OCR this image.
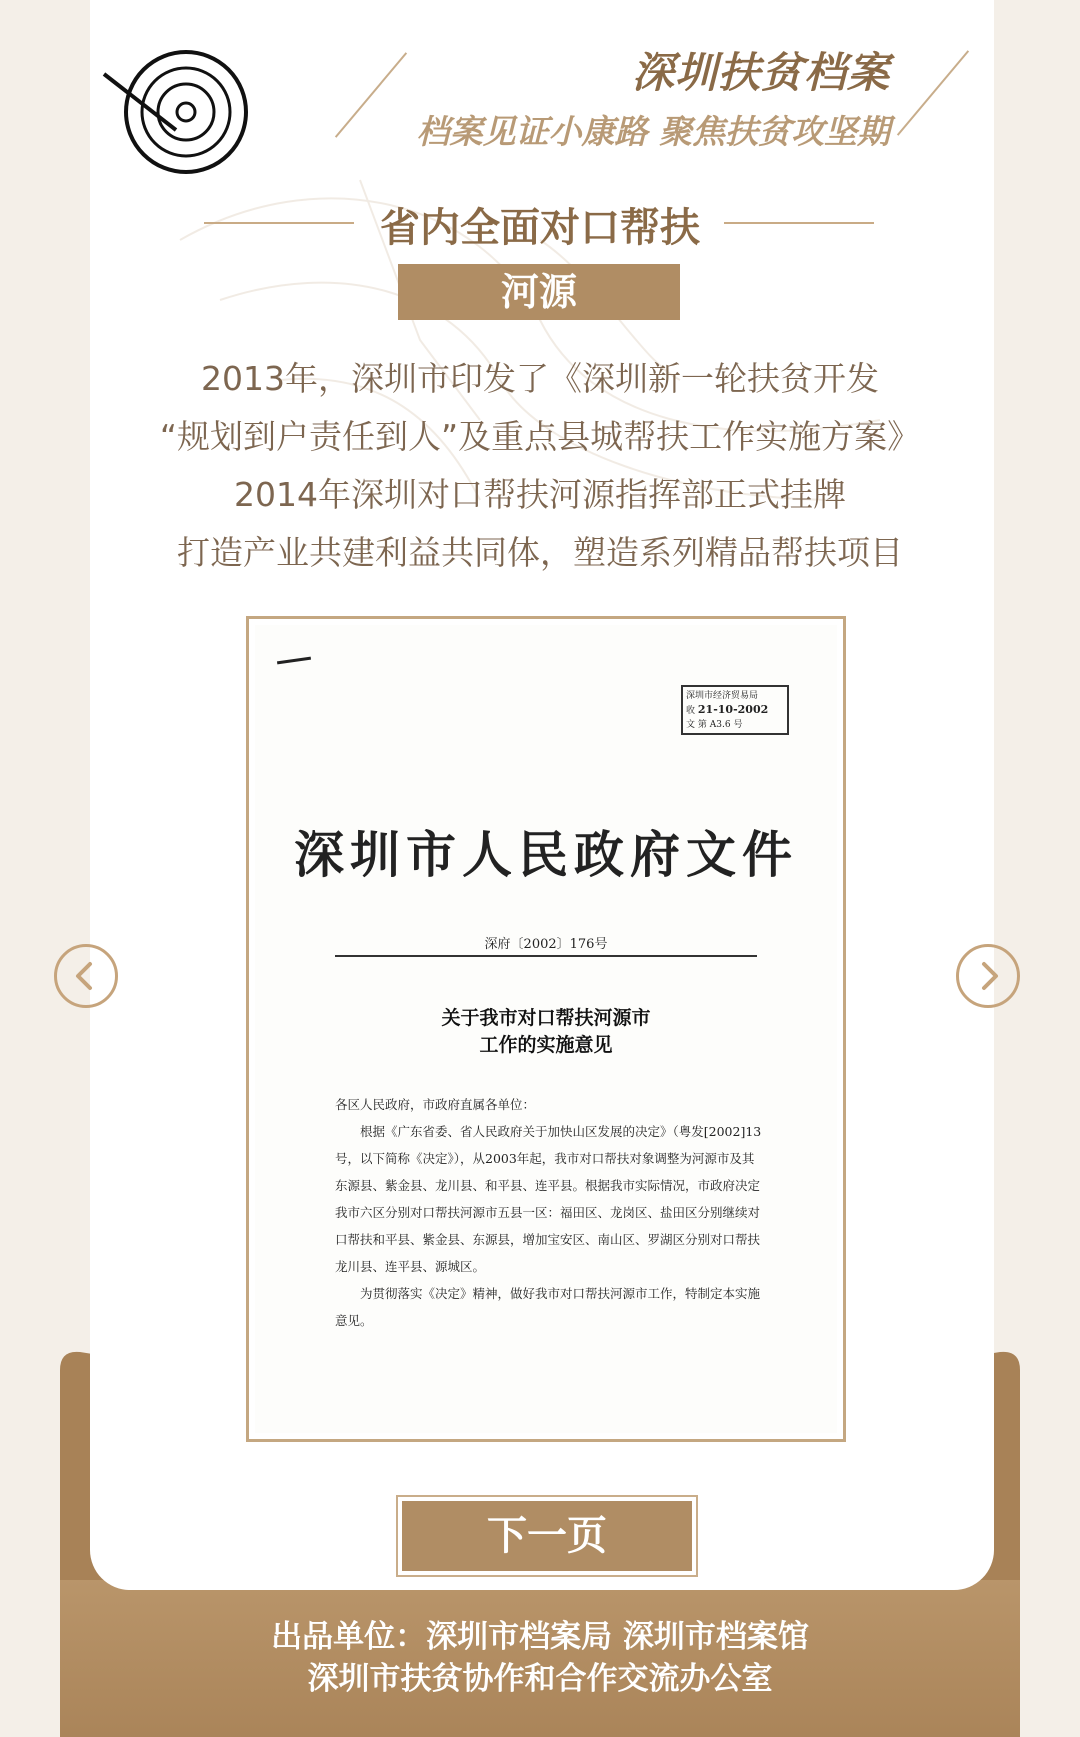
深圳扶贫档案
档案见证小康路 聚焦扶贫攻坚期
省内全面对口帮扶
河源
2013年，深圳市印发了《深圳新一轮扶贫开发
“规划到户责任到人”及重点县城帮扶工作实施方案》
2014年深圳对口帮扶河源指挥部正式挂牌
打造产业共建利益共同体，塑造系列精品帮扶项目
深圳市经济贸易局
收 21-10-2002
文 第 A3.6 号
深圳市人民政府文件
深府〔2002〕176号
关于我市对口帮扶河源市
工作的实施意见

各区人民政府，市政府直属各单位：

根据《广东省委、省人民政府关于加快山区发展的决定》（粤发[2002]13号，以下简称《决定》），从2003年起，我市对口帮扶对象调整为河源市及其东源县、紫金县、龙川县、和平县、连平县。根据我市实际情况，市政府决定我市六区分别对口帮扶河源市五县一区：福田区、龙岗区、盐田区分别继续对口帮扶和平县、紫金县、东源县，增加宝安区、南山区、罗湖区分别对口帮扶龙川县、连平县、源城区。

为贯彻落实《决定》精神，做好我市对口帮扶河源市工作，特制定本实施意见。

下一页
出品单位：深圳市档案局 深圳市档案馆
深圳市扶贫协作和合作交流办公室
